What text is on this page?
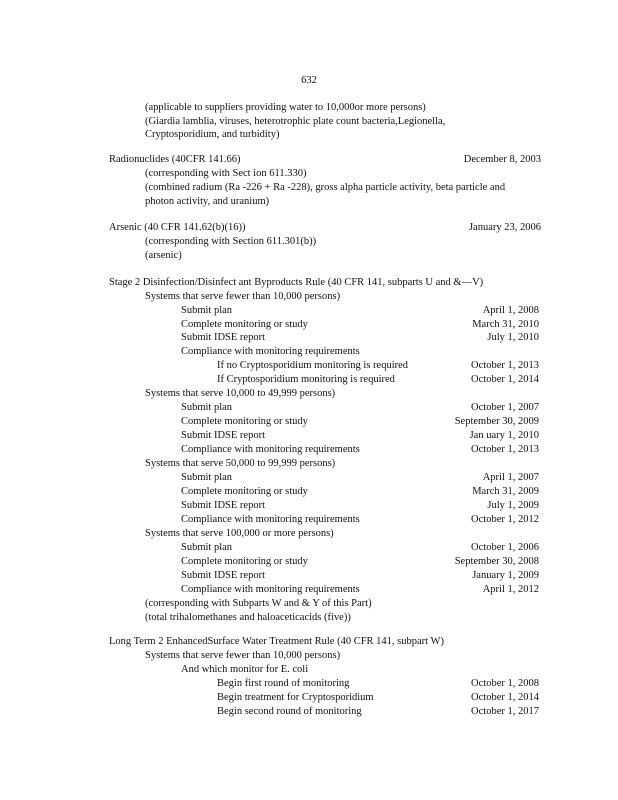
632
(applicable to suppliers providing water to 10,000or more persons)
(Giardia lamblia, viruses, heterotrophic plate count bacteria,Legionella,
Cryptosporidium, and turbidity)
Radionuclides (40CFR 141.66)	December 8, 2003
(corresponding with Sect ion 611.330)
(combined radium (Ra -226 + Ra -228), gross alpha particle activity, beta particle and
photon activity, and uranium)
Arsenic (40 CFR 141.62(b)(16))	January 23, 2006
(corresponding with Section 611.301(b))
(arsenic)
Stage 2 Disinfection/Disinfect ant Byproducts Rule (40 CFR 141, subparts U and &—V)
Systems that serve fewer than 10,000 persons)
Submit plan	April 1, 2008
Complete monitoring or study	March 31, 2010
Submit IDSE report	July 1, 2010
Compliance with monitoring requirements
If no Cryptosporidium monitoring is required	October 1, 2013
If Cryptosporidium monitoring is required	October 1, 2014
Systems that serve 10,000 to 49,999 persons)
Submit plan	October 1, 2007
Complete monitoring or study	September 30, 2009
Submit IDSE report	Jan uary 1, 2010
Compliance with monitoring requirements	October 1, 2013
Systems that serve 50,000 to 99,999 persons)
Submit plan	April 1, 2007
Complete monitoring or study	March 31, 2009
Submit IDSE report	July 1, 2009
Compliance with monitoring requirements	October 1, 2012
Systems that serve 100,000 or more persons)
Submit plan	October 1, 2006
Complete monitoring or study	September 30, 2008
Submit IDSE report	January 1, 2009
Compliance with monitoring requirements	April 1, 2012
(corresponding with Subparts W and & Y of this Part)
(total trihalomethanes and haloaceticacids (five))
Long Term 2 EnhancedSurface Water Treatment Rule (40 CFR 141, subpart W)
Systems that serve fewer than 10,000 persons)
And which monitor for E. coli
Begin first round of monitoring	October 1, 2008
Begin treatment for Cryptosporidium	October 1, 2014
Begin second round of monitoring	October 1, 2017
